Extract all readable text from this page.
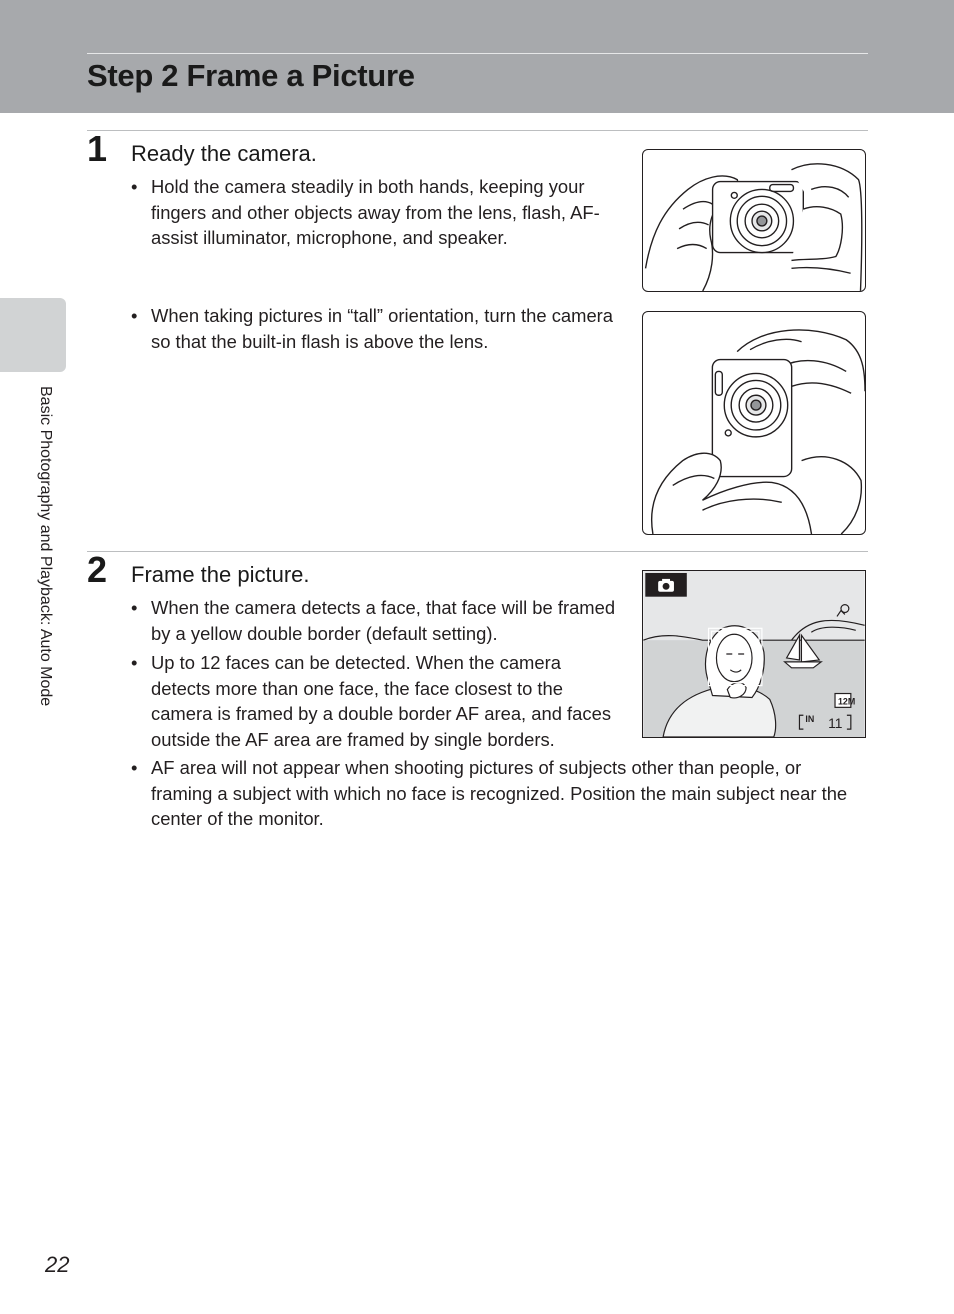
Step 2 Frame a Picture
Basic Photography and Playback: Auto Mode
1 Ready the camera.
• Hold the camera steadily in both hands, keeping your fingers and other objects away from the lens, flash, AF-assist illuminator, microphone, and speaker.
• When taking pictures in “tall” orientation, turn the camera so that the built-in flash is above the lens.
2 Frame the picture.
• When the camera detects a face, that face will be framed by a yellow double border (default setting).
• Up to 12 faces can be detected. When the camera detects more than one face, the face closest to the camera is framed by a double border AF area, and faces outside the AF area are framed by single borders.
• AF area will not appear when shooting pictures of subjects other than people, or framing a subject with which no face is recognized. Position the main subject near the center of the monitor.
12M
IN 11
22
